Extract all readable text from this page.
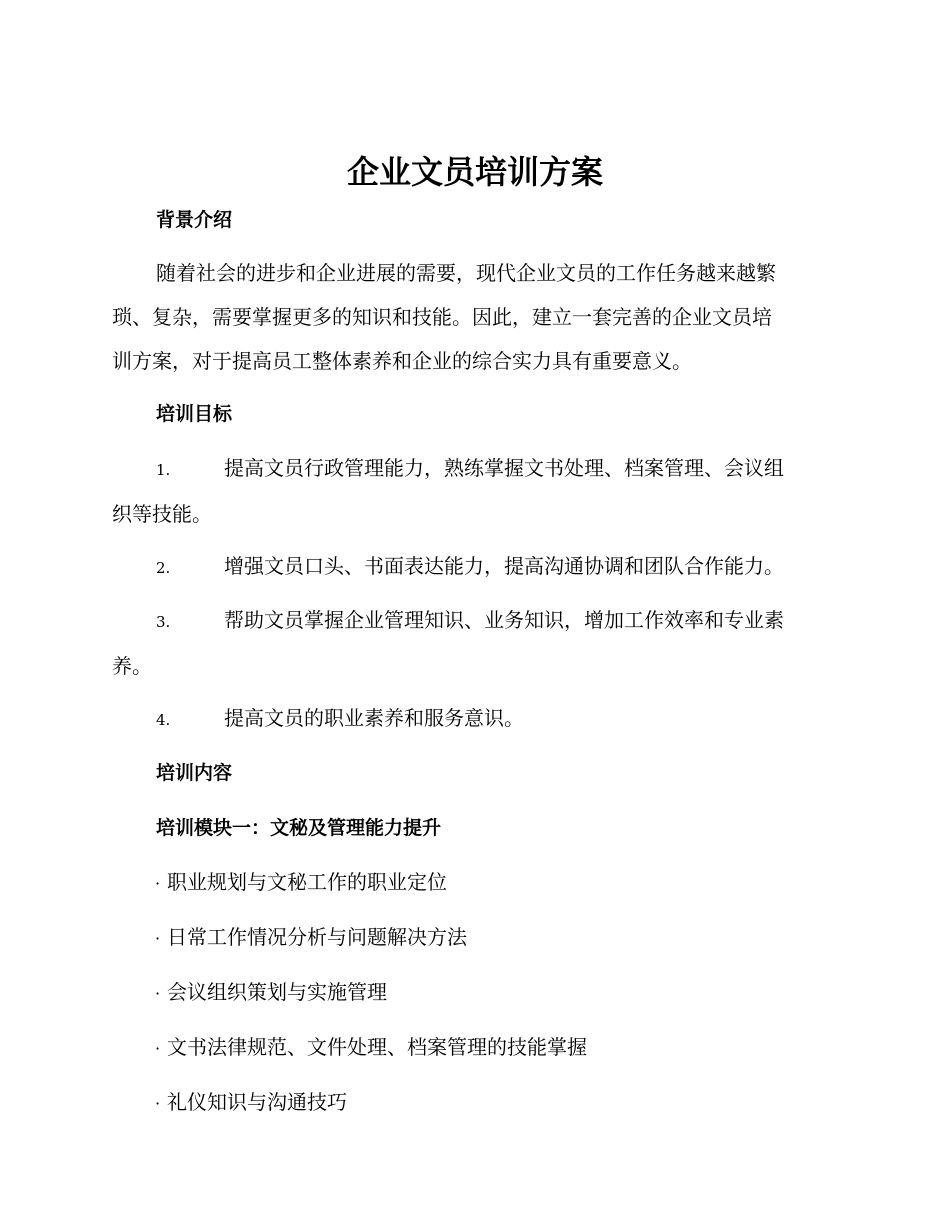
企业文员培训方案
背景介绍

随着社会的进步和企业进展的需要，现代企业文员的工作任务越来越繁
琐、复杂，需要掌握更多的知识和技能。因此，建立一套完善的企业文员培
训方案，对于提高员工整体素养和企业的综合实力具有重要意义。

培训目标
1.	提高文员行政管理能力，熟练掌握文书处理、档案管理、会议组
织等技能。
2.	增强文员口头、书面表达能力，提高沟通协调和团队合作能力。
3.	帮助文员掌握企业管理知识、业务知识，增加工作效率和专业素
养。
4.	提高文员的职业素养和服务意识。
培训内容
培训模块一：文秘及管理能力提升

· 职业规划与文秘工作的职业定位

· 日常工作情况分析与问题解决方法

· 会议组织策划与实施管理

· 文书法律规范、文件处理、档案管理的技能掌握

· 礼仪知识与沟通技巧
